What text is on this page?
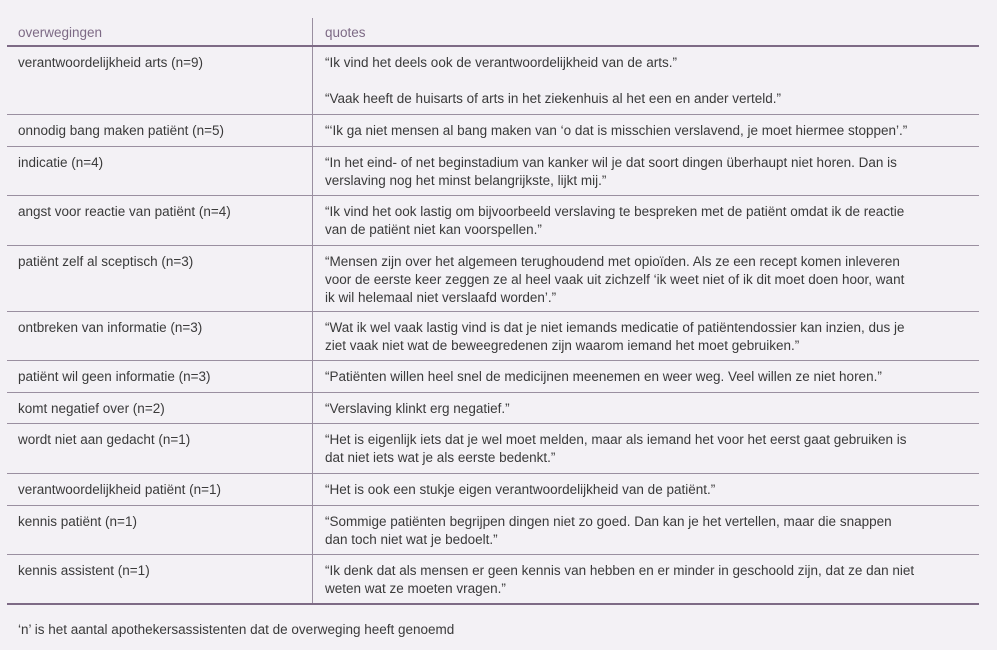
overwegingen	quotes
verantwoordelijkheid arts (n=9)	“Ik vind het deels ook de verantwoordelijkheid van de arts.”

“Vaak heeft de huisarts of arts in het ziekenhuis al het een en ander verteld.”

onnodig bang maken patiënt (n=5)	“‘Ik ga niet mensen al bang maken van ‘o dat is misschien verslavend, je moet hiermee stoppen’.”

indicatie (n=4)	“In het eind- of net beginstadium van kanker wil je dat soort dingen überhaupt niet horen. Dan is

verslaving nog het minst belangrijkste, lijkt mij.”

angst voor reactie van patiënt (n=4)	“Ik vind het ook lastig om bijvoorbeeld verslaving te bespreken met de patiënt omdat ik de reactie

van de patiënt niet kan voorspellen.”

patiënt zelf al sceptisch (n=3)	“Mensen zijn over het algemeen terughoudend met opioïden. Als ze een recept komen inleveren

voor de eerste keer zeggen ze al heel vaak uit zichzelf ‘ik weet niet of ik dit moet doen hoor, want

ik wil helemaal niet verslaafd worden’.”

ontbreken van informatie (n=3)	“Wat ik wel vaak lastig vind is dat je niet iemands medicatie of patiëntendossier kan inzien, dus je

ziet vaak niet wat de beweegredenen zijn waarom iemand het moet gebruiken.”

patiënt wil geen informatie (n=3)	“Patiënten willen heel snel de medicijnen meenemen en weer weg. Veel willen ze niet horen.”

komt negatief over (n=2)	“Verslaving klinkt erg negatief.”

wordt niet aan gedacht (n=1)	“Het is eigenlijk iets dat je wel moet melden, maar als iemand het voor het eerst gaat gebruiken is

dat niet iets wat je als eerste bedenkt.”

verantwoordelijkheid patiënt (n=1)	“Het is ook een stukje eigen verantwoordelijkheid van de patiënt.”

kennis patiënt (n=1)	“Sommige patiënten begrijpen dingen niet zo goed. Dan kan je het vertellen, maar die snappen

dan toch niet wat je bedoelt.”

kennis assistent (n=1)	“Ik denk dat als mensen er geen kennis van hebben en er minder in geschoold zijn, dat ze dan niet

weten wat ze moeten vragen.”

‘n’ is het aantal apothekersassistenten dat de overweging heeft genoemd
